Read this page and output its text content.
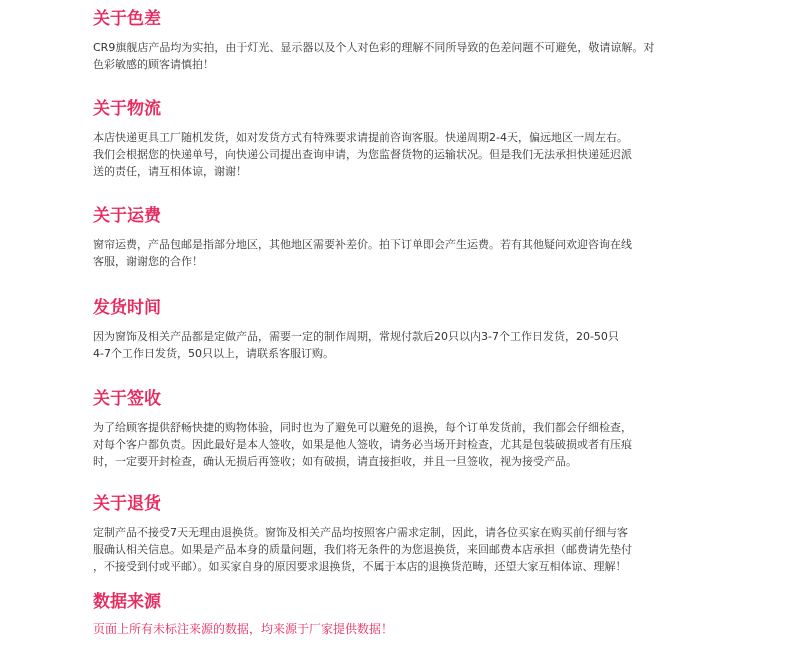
关于色差
CR9旗舰店产品均为实拍，由于灯光、显示器以及个人对色彩的理解不同所导致的色差问题不可避免，敬请谅解。对
色彩敏感的顾客请慎拍！
关于物流
本店快递更具工厂随机发货，如对发货方式有特殊要求请提前咨询客服。快递周期2-4天，偏远地区一周左右。
我们会根据您的快递单号，向快递公司提出查询申请，为您监督货物的运输状况。但是我们无法承担快递延迟派
送的责任，请互相体谅，谢谢！
关于运费
窗帘运费，产品包邮是指部分地区，其他地区需要补差价。拍下订单即会产生运费。若有其他疑问欢迎咨询在线
客服，谢谢您的合作！
发货时间
因为窗饰及相关产品都是定做产品，需要一定的制作周期，常规付款后20只以内3-7个工作日发货，20-50只
4-7个工作日发货，50只以上，请联系客服订购。
关于签收
为了给顾客提供舒畅快捷的购物体验，同时也为了避免可以避免的退换，每个订单发货前，我们都会仔细检查，
对每个客户都负责。因此最好是本人签收，如果是他人签收，请务必当场开封检查，尤其是包装破损或者有压痕
时，一定要开封检查，确认无损后再签收；如有破损，请直接拒收，并且一旦签收，视为接受产品。
关于退货
定制产品不接受7天无理由退换货。窗饰及相关产品均按照客户需求定制，因此，请各位买家在购买前仔细与客
服确认相关信息。如果是产品本身的质量问题，我们将无条件的为您退换货，来回邮费本店承担（邮费请先垫付
，不接受到付或平邮）。如买家自身的原因要求退换货，不属于本店的退换货范畴，还望大家互相体谅、理解！
数据来源
页面上所有未标注来源的数据，均来源于厂家提供数据！
